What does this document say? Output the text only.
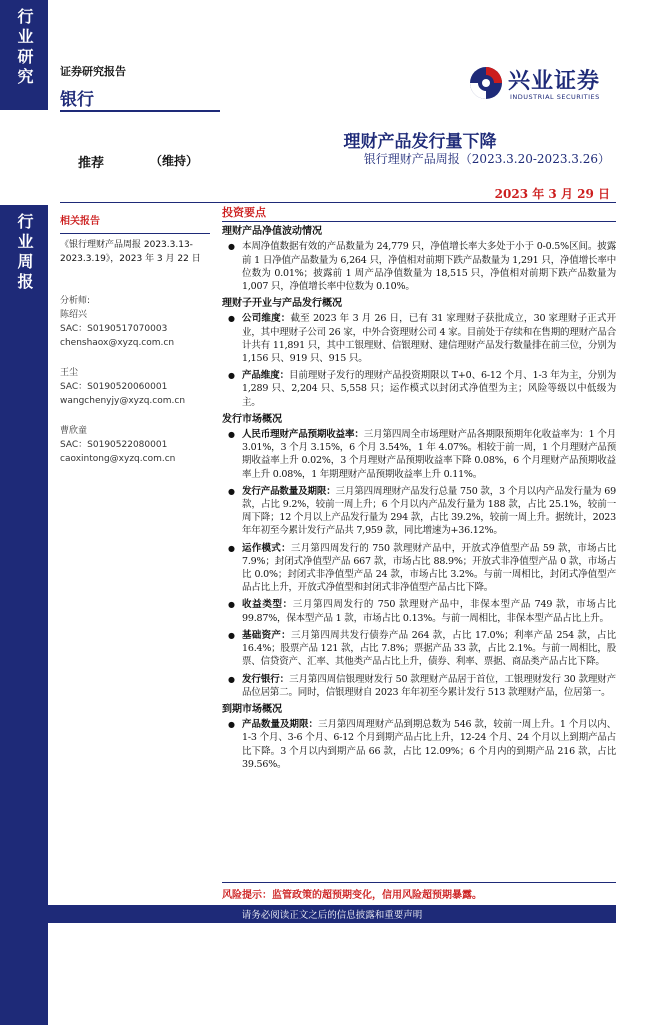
行业研究
行业周报
证券研究报告
银行
兴业证券
INDUSTRIAL SECURITIES
理财产品发行量下降
银行理财产品周报（2023.3.20-2023.3.26）
推荐	（维持）
2023 年 3 月 29 日
相关报告
《银行理财产品周报 2023.3.13-2023.3.19》，2023 年 3 月 22 日
分析师:
陈绍兴
SAC：S0190517070003
chenshaox@xyzq.com.cn
王尘
SAC：S0190520060001
wangchenyjy@xyzq.com.cn
曹欣童
SAC：S0190522080001
caoxintong@xyzq.com.cn
投资要点
理财产品净值波动情况
● 本周净值数据有效的产品数量为 24,779 只，净值增长率大多处于小于 0-0.5%区间。披露前 1 日净值产品数量为 6,264 只，净值相对前期下跌产品数量为 1,291 只，净值增长率中位数为 0.01%；披露前 1 周产品净值数量为 18,515 只，净值相对前期下跌产品数量为 1,007 只，净值增长率中位数为 0.10%。
理财子开业与产品发行概况
● 公司维度：截至 2023 年 3 月 26 日，已有 31 家理财子获批成立，30 家理财子正式开业，其中理财子公司 26 家，中外合资理财公司 4 家。目前处于存续和在售期的理财产品合计共有 11,891 只，其中工银理财、信银理财、建信理财产品发行数量排在前三位，分别为 1,156 只、919 只、915 只。
● 产品维度：目前理财子发行的理财产品投资期限以 T+0、6-12 个月、1-3 年为主，分别为 1,289 只、2,204 只、5,558 只；运作模式以封闭式净值型为主；风险等级以中低级为主。
发行市场概况
● 人民币理财产品预期收益率：三月第四周全市场理财产品各期限预期年化收益率为：1 个月 3.01%，3 个月 3.15%，6 个月 3.54%，1 年 4.07%。相较于前一周，1 个月理财产品预期收益率上升 0.02%，3 个月理财产品预期收益率下降 0.08%，6 个月理财产品预期收益率上升 0.08%，1 年期理财产品预期收益率上升 0.11%。
● 发行产品数量及期限：三月第四周理财产品发行总量 750 款，3 个月以内产品发行量为 69 款，占比 9.2%，较前一周上升；6 个月以内产品发行量为 188 款，占比 25.1%，较前一周下降；12 个月以上产品发行量为 294 款，占比 39.2%，较前一周上升。据统计，2023 年年初至今累计发行产品共 7,959 款，同比增速为+36.12%。
● 运作模式：三月第四周发行的 750 款理财产品中，开放式净值型产品 59 款，市场占比 7.9%；封闭式净值型产品 667 款，市场占比 88.9%；开放式非净值型产品 0 款，市场占比 0.0%；封闭式非净值型产品 24 款，市场占比 3.2%。与前一周相比，封闭式净值型产品占比上升，开放式净值型和封闭式非净值型产品占比下降。
● 收益类型：三月第四周发行的 750 款理财产品中，非保本型产品 749 款，市场占比 99.87%，保本型产品 1 款，市场占比 0.13%。与前一周相比，非保本型产品占比上升。
● 基础资产：三月第四周共发行债券产品 264 款，占比 17.0%；利率产品 254 款，占比 16.4%；股票产品 121 款，占比 7.8%；票据产品 33 款，占比 2.1%。与前一周相比，股票、信贷资产、汇率、其他类产品占比上升，债券、利率、票据、商品类产品占比下降。
● 发行银行：三月第四周信银理财发行 50 款理财产品居于首位，工银理财发行 30 款理财产品位居第二。同时，信银理财自 2023 年年初至今累计发行 513 款理财产品，位居第一。
到期市场概况
● 产品数量及期限：三月第四周理财产品到期总数为 546 款，较前一周上升。1 个月以内、1-3 个月、3-6 个月、6-12 个月到期产品占比上升，12-24 个月、24 个月以上到期产品占比下降。3 个月以内到期产品 66 款，占比 12.09%；6 个月内的到期产品 216 款，占比 39.56%。
风险提示：监管政策的超预期变化，信用风险超预期暴露。
请务必阅读正文之后的信息披露和重要声明
